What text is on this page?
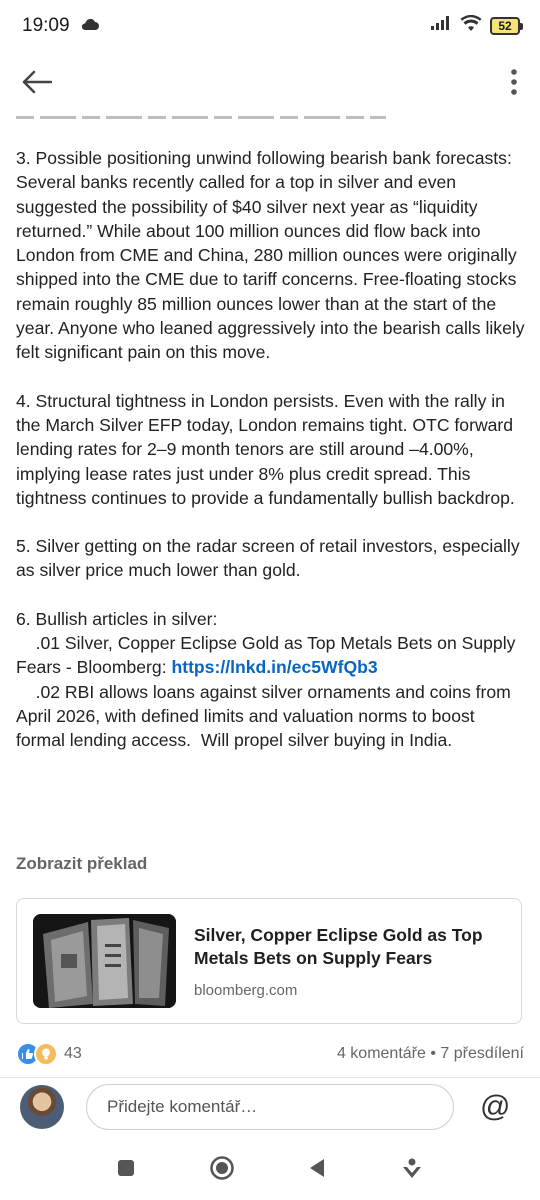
19:09	52

3. Possible positioning unwind following bearish bank forecasts:
Several banks recently called for a top in silver and even suggested the possibility of $40 silver next year as “liquidity returned.” While about 100 million ounces did flow back into London from CME and China, 280 million ounces were originally shipped into the CME due to tariff concerns. Free-floating stocks remain roughly 85 million ounces lower than at the start of the year. Anyone who leaned aggressively into the bearish calls likely felt significant pain on this move.

4. Structural tightness in London persists. Even with the rally in the March Silver EFP today, London remains tight. OTC forward lending rates for 2–9 month tenors are still around –4.00%, implying lease rates just under 8% plus credit spread. This tightness continues to provide a fundamentally bullish backdrop.

5. Silver getting on the radar screen of retail investors, especially as silver price much lower than gold.

6. Bullish articles in silver:
.01 Silver, Copper Eclipse Gold as Top Metals Bets on Supply Fears - Bloomberg: https://lnkd.in/ec5WfQb3
.02 RBI allows loans against silver ornaments and coins from April 2026, with defined limits and valuation norms to boost formal lending access.  Will propel silver buying in India.

Zobrazit překlad
Silver, Copper Eclipse Gold as Top Metals Bets on Supply Fears
bloomberg.com
43	4 komentáře • 7 přesdílení
Přidejte komentář…
@
